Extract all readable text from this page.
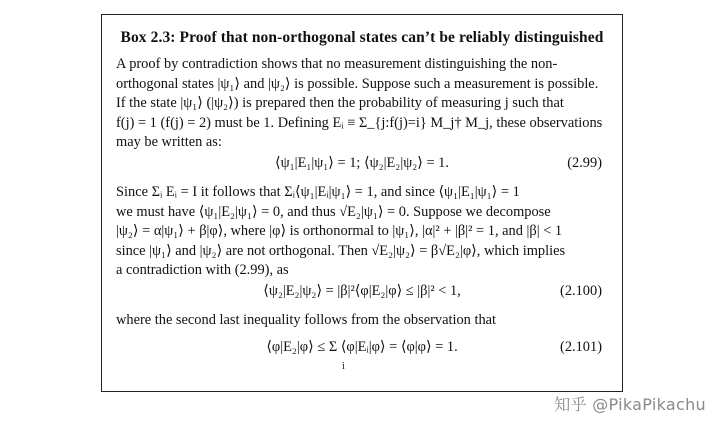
Box 2.3: Proof that non-orthogonal states can’t be reliably distinguished
A proof by contradiction shows that no measurement distinguishing the non-
orthogonal states |ψ₁⟩ and |ψ₂⟩ is possible. Suppose such a measurement is possible.
If the state |ψ₁⟩ (|ψ₂⟩) is prepared then the probability of measuring j such that
f(j) = 1 (f(j) = 2) must be 1. Defining Eᵢ ≡ Σ_{j:f(j)=i} M_j† M_j, these observations
may be written as:
⟨ψ₁|E₁|ψ₁⟩ = 1; ⟨ψ₂|E₂|ψ₂⟩ = 1.	(2.99)
Since Σᵢ Eᵢ = I it follows that Σᵢ⟨ψ₁|Eᵢ|ψ₁⟩ = 1, and since ⟨ψ₁|E₁|ψ₁⟩ = 1
we must have ⟨ψ₁|E₂|ψ₁⟩ = 0, and thus √E₂|ψ₁⟩ = 0. Suppose we decompose
|ψ₂⟩ = α|ψ₁⟩ + β|φ⟩, where |φ⟩ is orthonormal to |ψ₁⟩, |α|² + |β|² = 1, and |β| < 1
since |ψ₁⟩ and |ψ₂⟩ are not orthogonal. Then √E₂|ψ₂⟩ = β√E₂|φ⟩, which implies
a contradiction with (2.99), as
⟨ψ₂|E₂|ψ₂⟩ = |β|²⟨φ|E₂|φ⟩ ≤ |β|² < 1,	(2.100)
where the second last inequality follows from the observation that
⟨φ|E₂|φ⟩ ≤ Σ ⟨φ|Eᵢ|φ⟩ = ⟨φ|φ⟩ = 1.
i
(2.101)
知乎 @PikaPikachu
